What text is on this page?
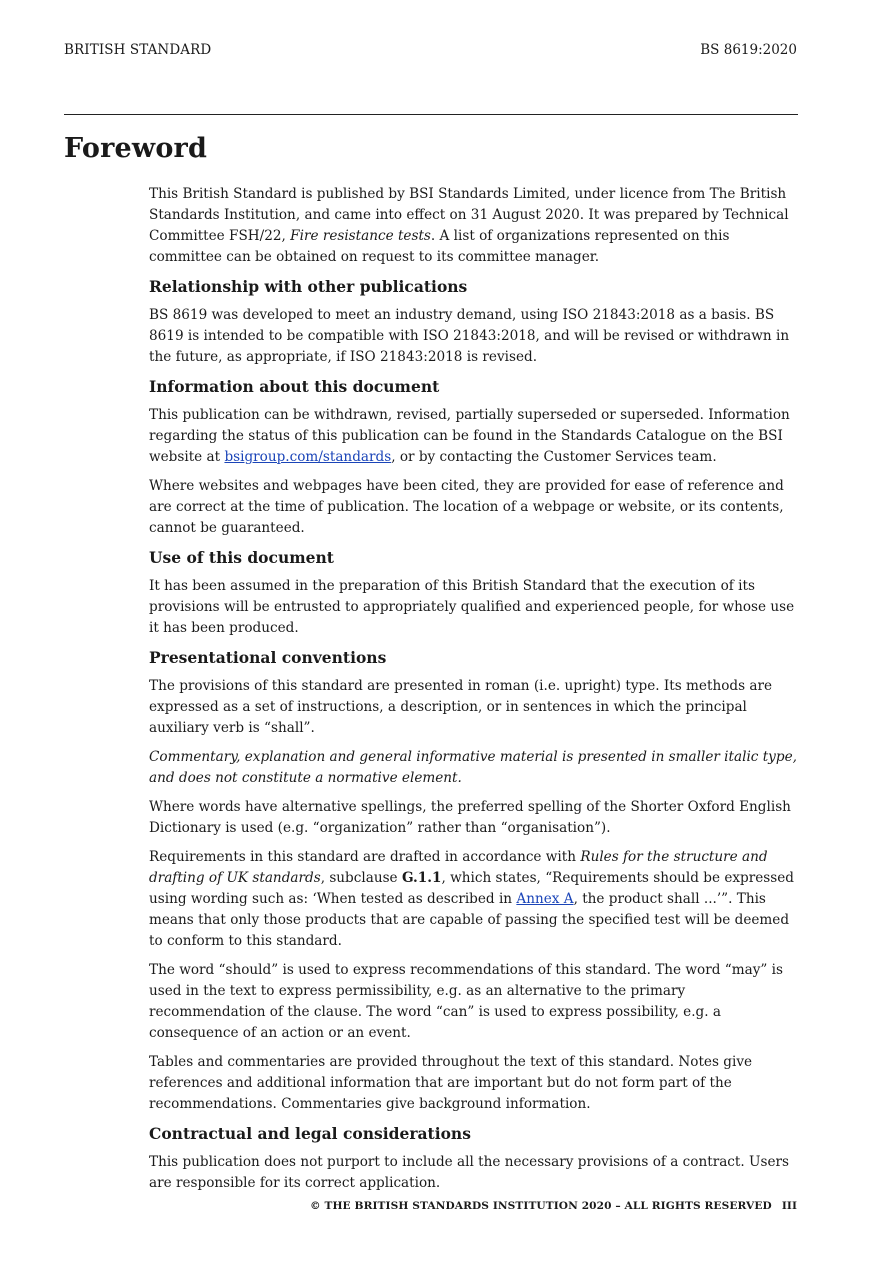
BRITISH STANDARD	BS 8619:2020
Foreword

This British Standard is published by BSI Standards Limited, under licence from The British Standards Institution, and came into effect on 31 August 2020. It was prepared by Technical Committee FSH/22, Fire resistance tests. A list of organizations represented on this committee can be obtained on request to its committee manager.

Relationship with other publications

BS 8619 was developed to meet an industry demand, using ISO 21843:2018 as a basis. BS 8619 is intended to be compatible with ISO 21843:2018, and will be revised or withdrawn in the future, as appropriate, if ISO 21843:2018 is revised.

Information about this document

This publication can be withdrawn, revised, partially superseded or superseded. Information regarding the status of this publication can be found in the Standards Catalogue on the BSI website at bsigroup.com/standards, or by contacting the Customer Services team.

Where websites and webpages have been cited, they are provided for ease of reference and are correct at the time of publication. The location of a webpage or website, or its contents, cannot be guaranteed.

Use of this document

It has been assumed in the preparation of this British Standard that the execution of its provisions will be entrusted to appropriately qualified and experienced people, for whose use it has been produced.

Presentational conventions

The provisions of this standard are presented in roman (i.e. upright) type. Its methods are expressed as a set of instructions, a description, or in sentences in which the principal auxiliary verb is “shall”.

Commentary, explanation and general informative material is presented in smaller italic type, and does not constitute a normative element.

Where words have alternative spellings, the preferred spelling of the Shorter Oxford English Dictionary is used (e.g. “organization” rather than “organisation”).

Requirements in this standard are drafted in accordance with Rules for the structure and drafting of UK standards, subclause G.1.1, which states, “Requirements should be expressed using wording such as: ‘When tested as described in Annex A, the product shall ...’”. This means that only those products that are capable of passing the specified test will be deemed to conform to this standard.

The word “should” is used to express recommendations of this standard. The word “may” is used in the text to express permissibility, e.g. as an alternative to the primary recommendation of the clause. The word “can” is used to express possibility, e.g. a consequence of an action or an event.

Tables and commentaries are provided throughout the text of this standard. Notes give references and additional information that are important but do not form part of the recommendations. Commentaries give background information.

Contractual and legal considerations

This publication does not purport to include all the necessary provisions of a contract. Users are responsible for its correct application.

© THE BRITISH STANDARDS INSTITUTION 2020 – ALL RIGHTS RESERVED III
